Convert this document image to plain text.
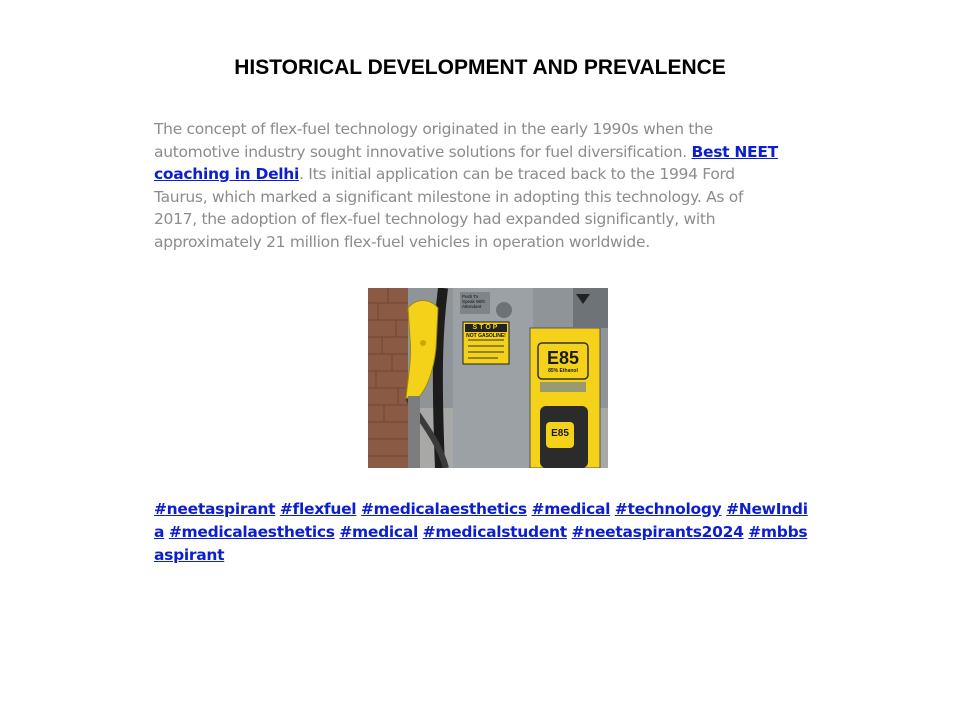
HISTORICAL DEVELOPMENT AND PREVALENCE
The concept of flex-fuel technology originated in the early 1990s when the automotive industry sought innovative solutions for fuel diversification. Best NEET coaching in Delhi. Its initial application can be traced back to the 1994 Ford Taurus, which marked a significant milestone in adopting this technology. As of 2017, the adoption of flex-fuel technology had expanded significantly, with approximately 21 million flex-fuel vehicles in operation worldwide.
Push To Speak With Attendant
STOP
NOT GASOLINE!
E85
85% Ethanol
E85
#neetaspirant #flexfuel #medicalaesthetics #medical #technology #NewIndia #medicalaesthetics #medical #medicalstudent #neetaspirants2024 #mbbsaspirant
